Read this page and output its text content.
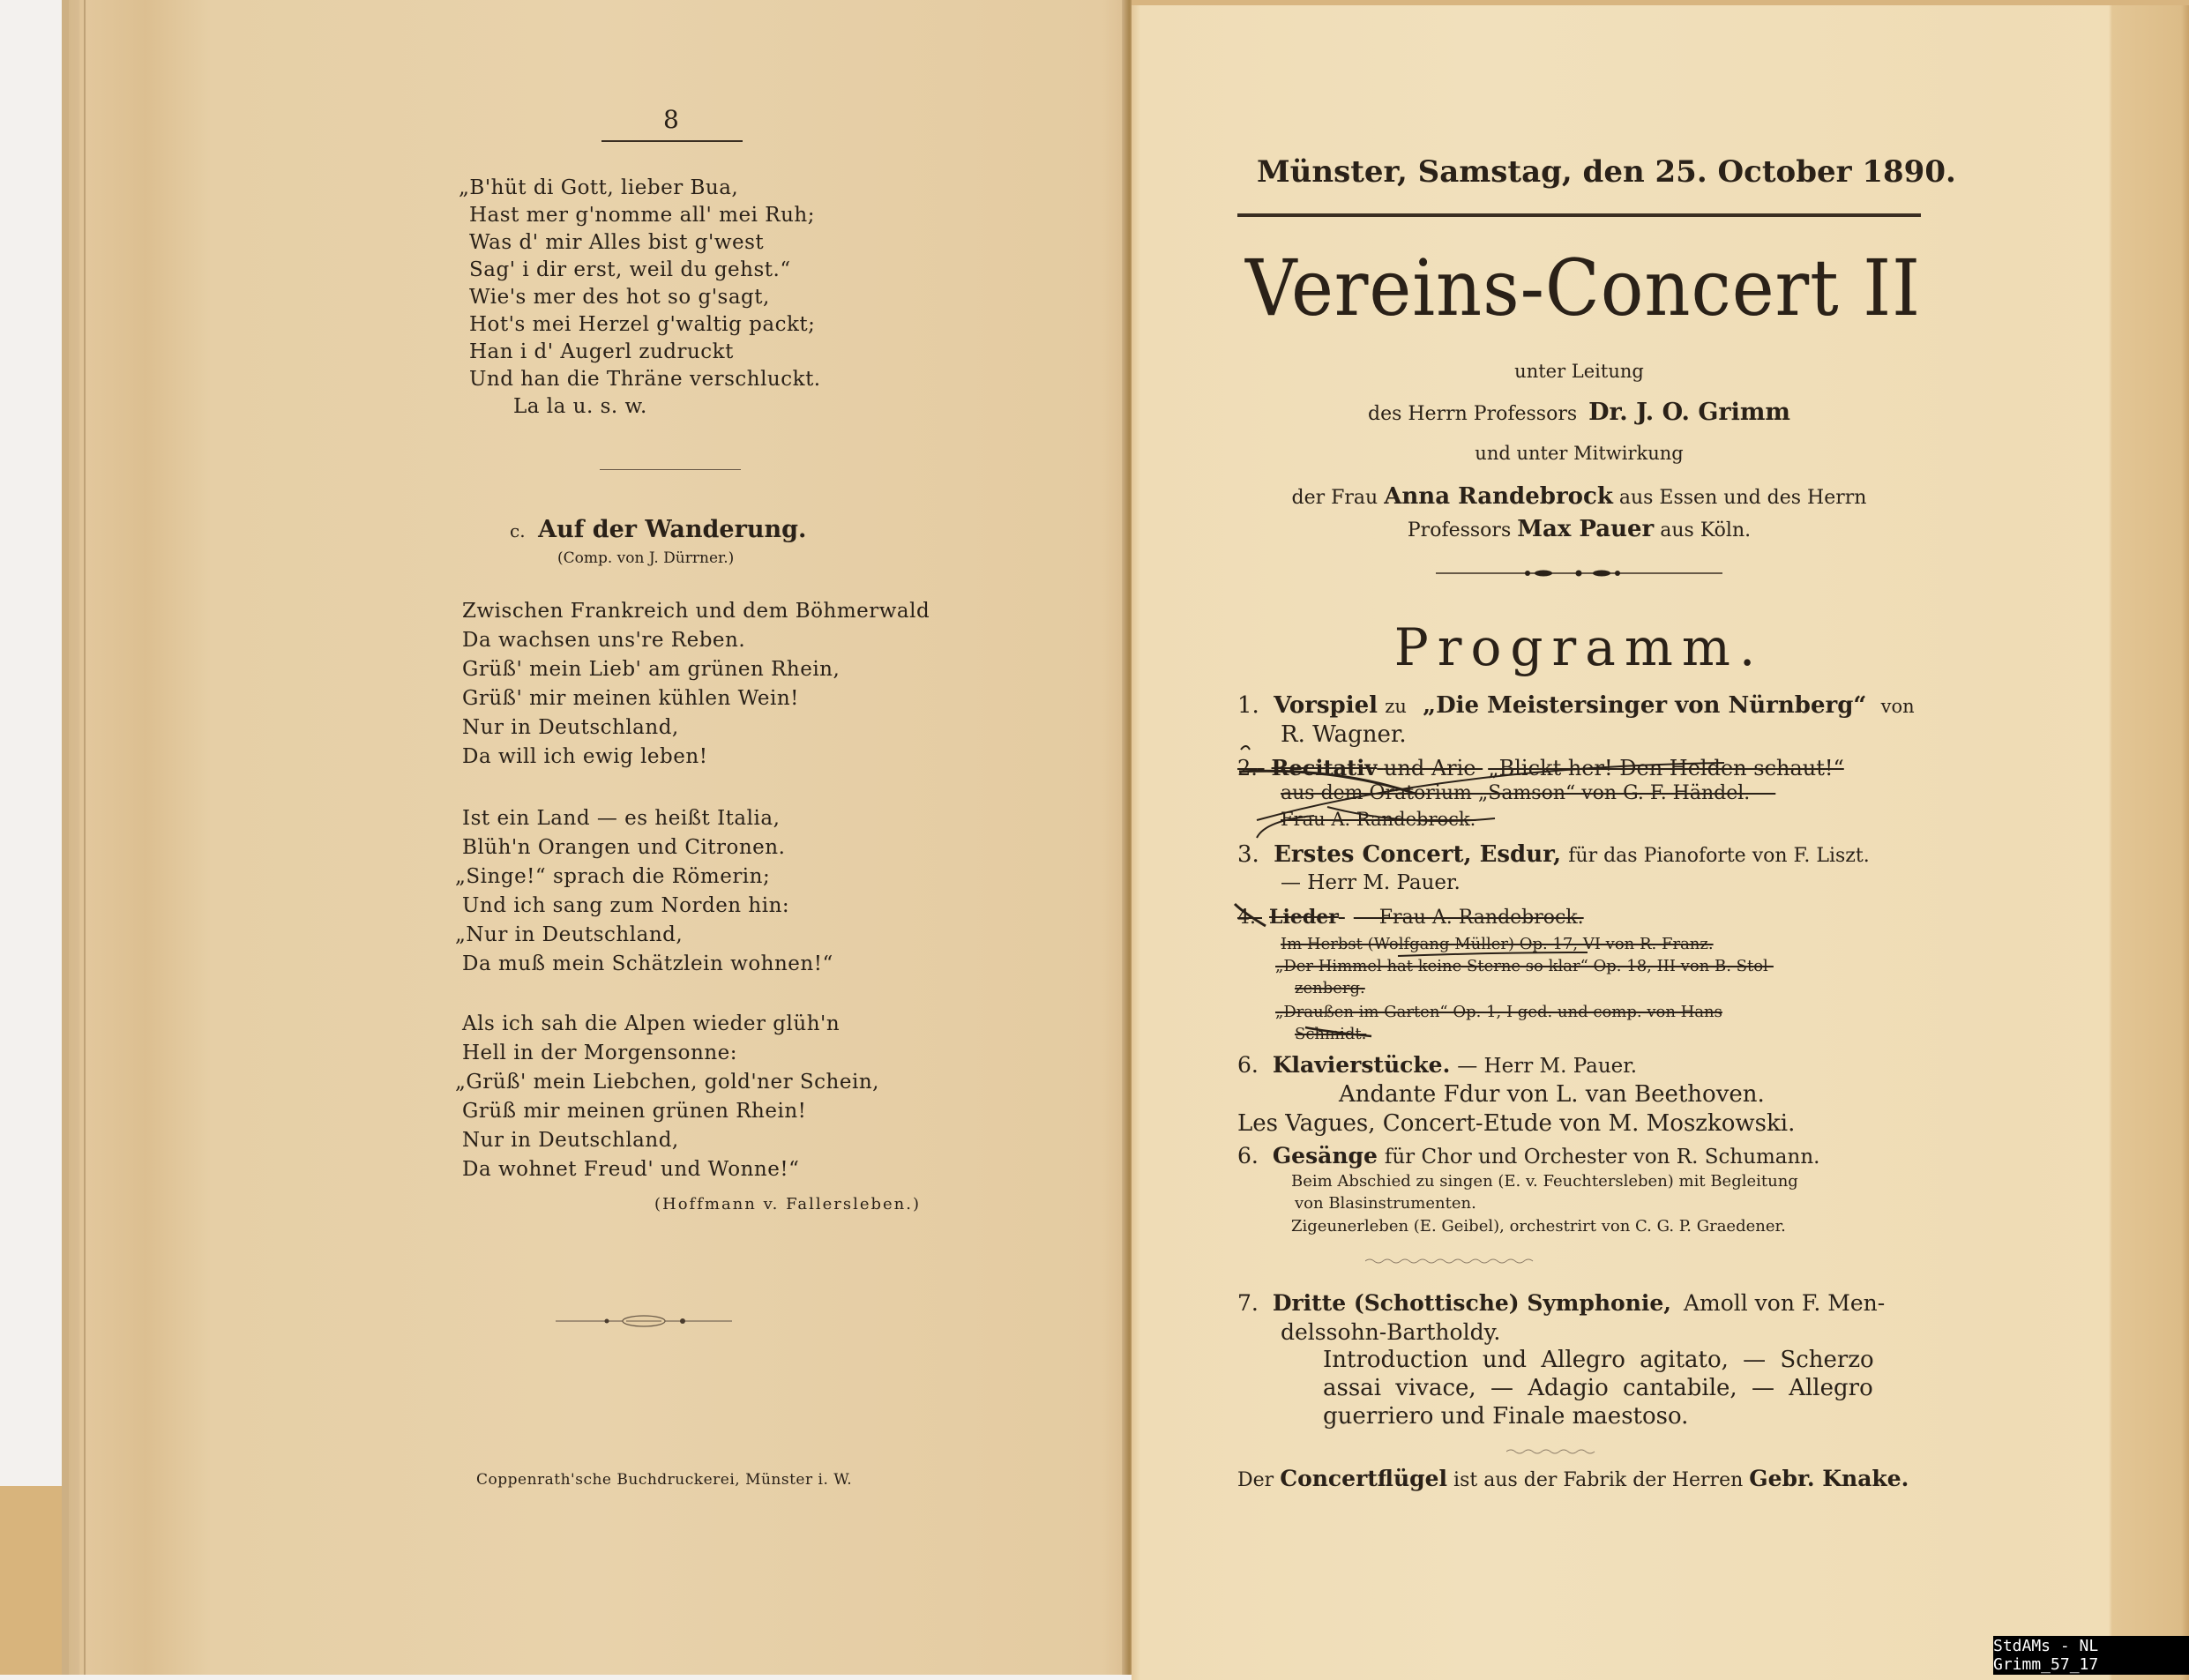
8
„B'hüt di Gott, lieber Bua,
Hast mer g'nomme all' mei Ruh;
Was d' mir Alles bist g'west
Sag' i dir erst, weil du gehst.“
Wie's mer des hot so g'sagt,
Hot's mei Herzel g'waltig packt;
Han i d' Augerl zudruckt
Und han die Thräne verschluckt.
La la u. s. w.
c. Auf der Wanderung.
(Comp. von J. Dürrner.)
Zwischen Frankreich und dem Böhmerwald
Da wachsen uns're Reben.
Grüß' mein Lieb' am grünen Rhein,
Grüß' mir meinen kühlen Wein!
Nur in Deutschland,
Da will ich ewig leben!
Ist ein Land — es heißt Italia,
Blüh'n Orangen und Citronen.
„Singe!“ sprach die Römerin;
Und ich sang zum Norden hin:
„Nur in Deutschland,
Da muß mein Schätzlein wohnen!“
Als ich sah die Alpen wieder glüh'n
Hell in der Morgensonne:
„Grüß' mein Liebchen, gold'ner Schein,
Grüß mir meinen grünen Rhein!
Nur in Deutschland,
Da wohnet Freud' und Wonne!“
(Hoffmann v. Fallersleben.)
Coppenrath'sche Buchdruckerei, Münster i. W.
Münster, Samstag, den 25. October 1890.
Vereins-Concert II
unter Leitung
des Herrn Professors Dr. J. O. Grimm
und unter Mitwirkung
der Frau Anna Randebrock aus Essen und des Herrn
Professors Max Pauer aus Köln.
Programm.
1. Vorspiel zu „Die Meistersinger von Nürnberg“ von
R. Wagner.
2. Recitativ und Arie „Blickt her! Den Helden schaut!“
aus dem Oratorium „Samson“ von G. F. Händel. —
Frau A. Randebrock.
3. Erstes Concert, Esdur, für das Pianoforte von F. Liszt.
— Herr M. Pauer.
4. Lieder — Frau A. Randebrock.
Im Herbst (Wolfgang Müller) Op. 17, VI von R. Franz.
„Der Himmel hat keine Sterne so klar“ Op. 18, III von B. Stol-
zenberg.
„Draußen im Garten“ Op. 1, I ged. und comp. von Hans
Schmidt.
6. Klavierstücke. — Herr M. Pauer.
Andante Fdur von L. van Beethoven.
Les Vagues, Concert-Etude von M. Moszkowski.
6. Gesänge für Chor und Orchester von R. Schumann.
Beim Abschied zu singen (E. v. Feuchtersleben) mit Begleitung
von Blasinstrumenten.
Zigeunerleben (E. Geibel), orchestrirt von C. G. P. Graedener.
7. Dritte (Schottische) Symphonie, Amoll von F. Men-
delssohn-Bartholdy.
Introduction und Allegro agitato, — Scherzo
assai vivace, — Adagio cantabile, — Allegro
guerriero und Finale maestoso.
Der Concertflügel ist aus der Fabrik der Herren Gebr. Knake.
StdAMs - NL Grimm_57_17
